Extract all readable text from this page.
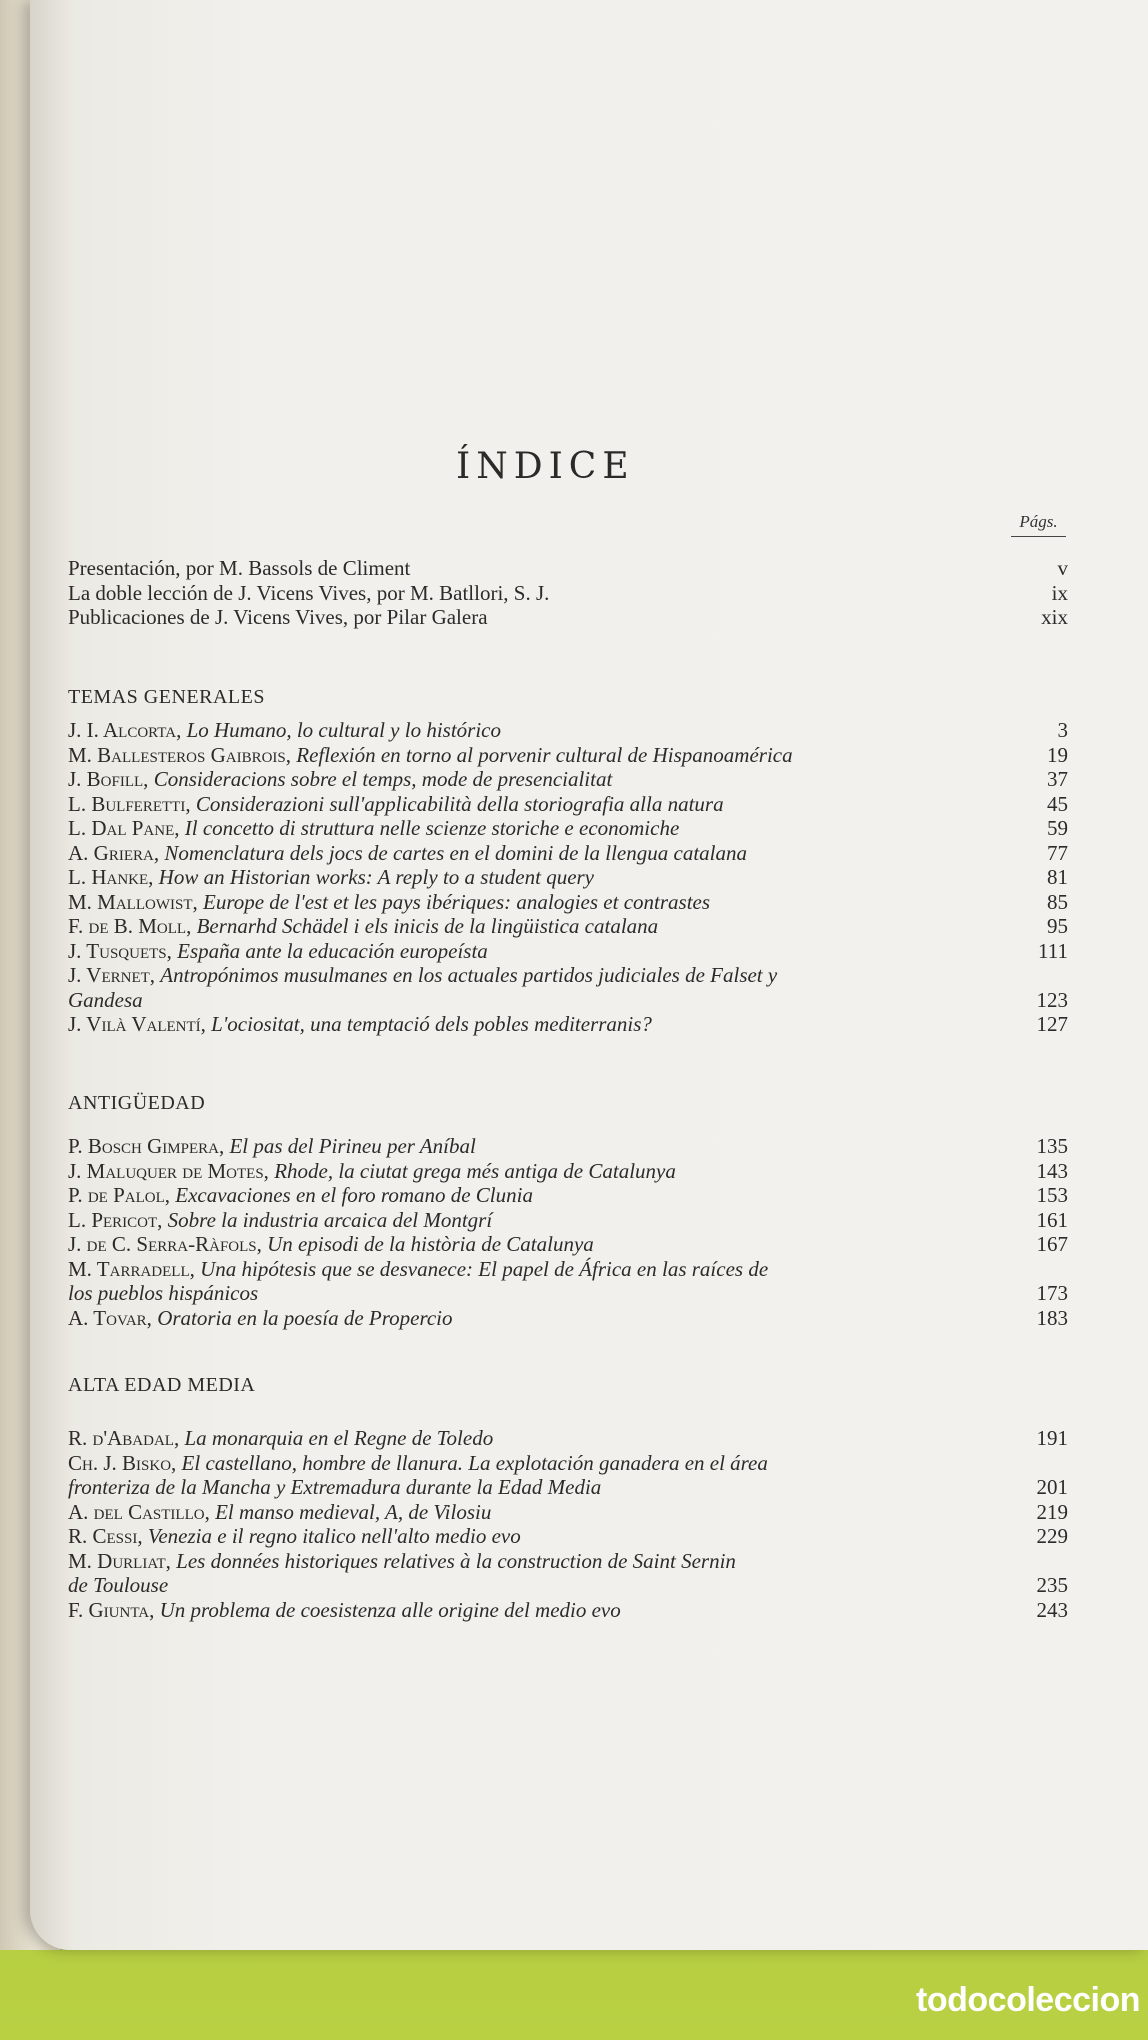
ÍNDICE
Págs.
Presentación, por M. Bassols de Climent	v
La doble lección de J. Vicens Vives, por M. Batllori, S. J.	ix
Publicaciones de J. Vicens Vives, por Pilar Galera	xix
TEMAS GENERALES
J. I. Alcorta, Lo Humano, lo cultural y lo histórico	3
M. Ballesteros Gaibrois, Reflexión en torno al porvenir cultural de Hispanoamérica	19
J. Bofill, Consideracions sobre el temps, mode de presencialitat	37
L. Bulferetti, Considerazioni sull'applicabilità della storiografia alla natura	45
L. Dal Pane, Il concetto di struttura nelle scienze storiche e economiche	59
A. Griera, Nomenclatura dels jocs de cartes en el domini de la llengua catalana	77
L. Hanke, How an Historian works: A reply to a student query	81
M. Mallowist, Europe de l'est et les pays ibériques: analogies et contrastes	85
F. de B. Moll, Bernarhd Schädel i els inicis de la lingüistica catalana	95
J. Tusquets, España ante la educación europeísta	111
J. Vernet, Antropónimos musulmanes en los actuales partidos judiciales de Falset y
Gandesa	123
J. Vilà Valentí, L'ociositat, una temptació dels pobles mediterranis?	127
ANTIGÜEDAD
P. Bosch Gimpera, El pas del Pirineu per Aníbal	135
J. Maluquer de Motes, Rhode, la ciutat grega més antiga de Catalunya	143
P. de Palol, Excavaciones en el foro romano de Clunia	153
L. Pericot, Sobre la industria arcaica del Montgrí	161
J. de C. Serra-Ràfols, Un episodi de la història de Catalunya	167
M. Tarradell, Una hipótesis que se desvanece: El papel de África en las raíces de
los pueblos hispánicos	173
A. Tovar, Oratoria en la poesía de Propercio	183
ALTA EDAD MEDIA
R. d'Abadal, La monarquia en el Regne de Toledo	191
Ch. J. Bisko, El castellano, hombre de llanura. La explotación ganadera en el área
fronteriza de la Mancha y Extremadura durante la Edad Media	201
A. del Castillo, El manso medieval, A, de Vilosiu	219
R. Cessi, Venezia e il regno italico nell'alto medio evo	229
M. Durliat, Les données historiques relatives à la construction de Saint Sernin
de Toulouse	235
F. Giunta, Un problema de coesistenza alle origine del medio evo	243
todocoleccion
